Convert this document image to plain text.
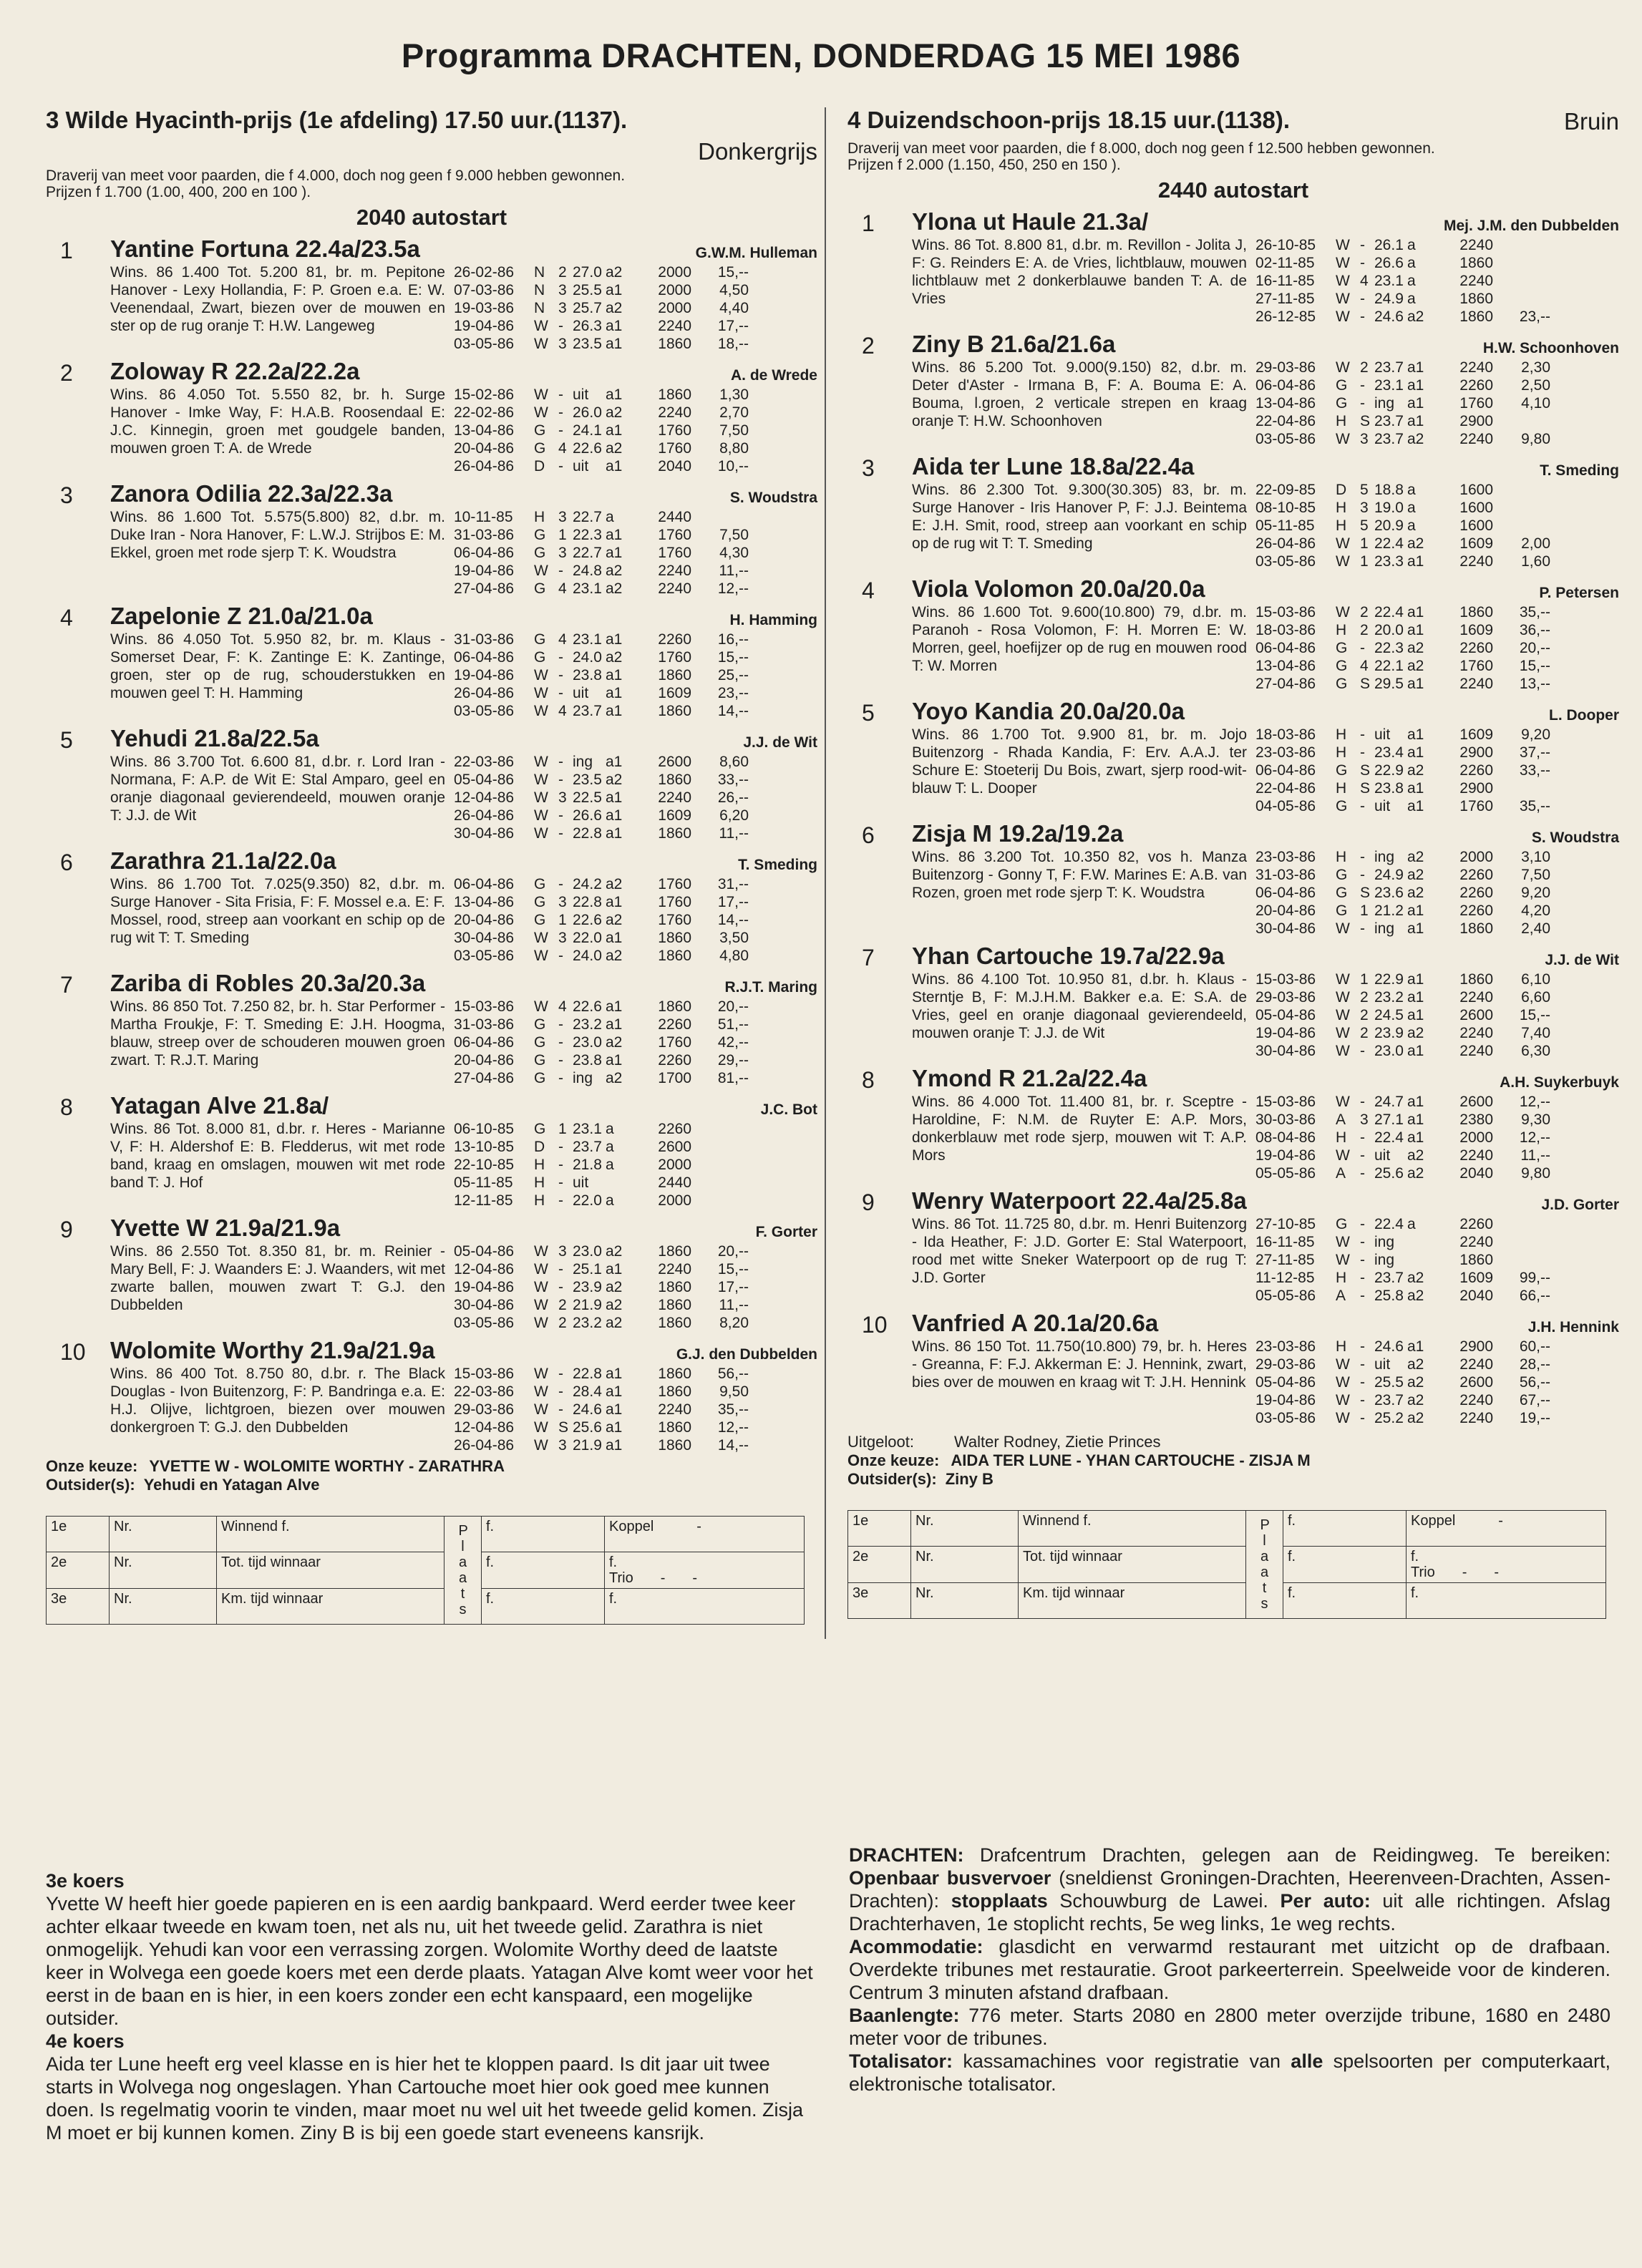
Programma DRACHTEN, DONDERDAG 15 MEI 1986
3 Wilde Hyacinth-prijs (1e afdeling) 17.50 uur.(1137).
Donkergrijs
Draverij van meet voor paarden, die f 4.000, doch nog geen f 9.000 hebben gewonnen.
Prijzen f 1.700 (1.00, 400, 200 en 100 ).
2040 autostart
1 Yantine Fortuna 22.4a/23.5a	G.W.M. Hulleman
Wins. 86 1.400 Tot. 5.200 81, br. m. Pepitone Hanover - Lexy Hollandia, F: P. Groen e.a. E: W. Veenendaal, Zwart, biezen over de mouwen en ster op de rug oranje T: H.W. Langeweg
26-02-86	N 2 27.0 a2	2000	15,--
07-03-86	N 3 25.5 a1	2000	4,50
19-03-86	N 3 25.7 a2	2000	4,40
19-04-86	W - 26.3 a1	2240	17,--
03-05-86	W 3 23.5 a1	1860	18,--
2 Zoloway R 22.2a/22.2a	A. de Wrede
Wins. 86 4.050 Tot. 5.550 82, br. h. Surge Hanover - Imke Way, F: H.A.B. Roosendaal E: J.C. Kinnegin, groen met goudgele banden, mouwen groen T: A. de Wrede
15-02-86	W - uit	a1	1860	1,30
22-02-86	W - 26.0 a2	2240	2,70
13-04-86	G - 24.1 a1	1760	7,50
20-04-86	G 4 22.6 a2	1760	8,80
26-04-86	D - uit	a1	2040	10,--
3 Zanora Odilia 22.3a/22.3a	S. Woudstra
Wins. 86 1.600 Tot. 5.575(5.800) 82, d.br. m. Duke Iran - Nora Hanover, F: L.W.J. Strijbos E: M. Ekkel, groen met rode sjerp T: K. Woudstra
10-11-85	H 3 22.7 a	2440
31-03-86	G 1 22.3 a1	1760	7,50
06-04-86	G 3 22.7 a1	1760	4,30
19-04-86	W - 24.8 a2	2240	11,--
27-04-86	G 4 23.1 a2	2240	12,--
4 Zapelonie Z 21.0a/21.0a	H. Hamming
Wins. 86 4.050 Tot. 5.950 82, br. m. Klaus - Somerset Dear, F: K. Zantinge E: K. Zantinge, groen, ster op de rug, schouderstukken en mouwen geel T: H. Hamming
31-03-86	G 4 23.1 a1	2260	16,--
06-04-86	G - 24.0 a2	1760	15,--
19-04-86	W - 23.8 a1	1860	25,--
26-04-86	W - uit	a1	1609	23,--
03-05-86	W 4 23.7 a1	1860	14,--
5 Yehudi 21.8a/22.5a	J.J. de Wit
Wins. 86 3.700 Tot. 6.600 81, d.br. r. Lord Iran - Normana, F: A.P. de Wit E: Stal Amparo, geel en oranje diagonaal gevierendeeld, mouwen oranje T: J.J. de Wit
22-03-86	W - ing a1	2600	8,60
05-04-86	W - 23.5 a2	1860	33,--
12-04-86	W 3 22.5 a1	2240	26,--
26-04-86	W - 26.6 a1	1609	6,20
30-04-86	W - 22.8 a1	1860	11,--
6 Zarathra 21.1a/22.0a	T. Smeding
Wins. 86 1.700 Tot. 7.025(9.350) 82, d.br. m. Surge Hanover - Sita Frisia, F: F. Mossel e.a. E: F. Mossel, rood, streep aan voorkant en schip op de rug wit T: T. Smeding
06-04-86	G - 24.2 a2	1760	31,--
13-04-86	G 3 22.8 a1	1760	17,--
20-04-86	G 1 22.6 a2	1760	14,--
30-04-86	W 3 22.0 a1	1860	3,50
03-05-86	W - 24.0 a2	1860	4,80
7 Zariba di Robles 20.3a/20.3a	R.J.T. Maring
Wins. 86 850 Tot. 7.250 82, br. h. Star Performer - Martha Froukje, F: T. Smeding E: J.H. Hoogma, blauw, streep over de schouderen mouwen groen zwart. T: R.J.T. Maring
15-03-86	W 4 22.6 a1	1860	20,--
31-03-86	G - 23.2 a1	2260	51,--
06-04-86	G - 23.0 a2	1760	42,--
20-04-86	G - 23.8 a1	2260	29,--
27-04-86	G - ing a2	1700	81,--
8 Yatagan Alve 21.8a/	J.C. Bot
Wins. 86 Tot. 8.000 81, d.br. r. Heres - Marianne V, F: H. Aldershof E: B. Fledderus, wit met rode band, kraag en omslagen, mouwen wit met rode band T: J. Hof
06-10-85	G 1 23.1 a	2260
13-10-85	D - 23.7 a	2600
22-10-85	H - 21.8 a	2000
05-11-85	H - uit	2440
12-11-85	H - 22.0 a	2000
9 Yvette W 21.9a/21.9a	F. Gorter
Wins. 86 2.550 Tot. 8.350 81, br. m. Reinier - Mary Bell, F: J. Waanders E: J. Waanders, wit met zwarte ballen, mouwen zwart T: G.J. den Dubbelden
05-04-86	W 3 23.0 a2	1860	20,--
12-04-86	W - 25.1 a1	2240	15,--
19-04-86	W - 23.9 a2	1860	17,--
30-04-86	W 2 21.9 a2	1860	11,--
03-05-86	W 2 23.2 a2	1860	8,20
10 Wolomite Worthy 21.9a/21.9a	G.J. den Dubbelden
Wins. 86 400 Tot. 8.750 80, d.br. r. The Black Douglas - Ivon Buitenzorg, F: P. Bandringa e.a. E: H.J. Olijve, lichtgroen, biezen over mouwen donkergroen T: G.J. den Dubbelden
15-03-86	W - 22.8 a1	1860	56,--
22-03-86	W - 28.4 a1	1860	9,50
29-03-86	W - 24.6 a1	2240	35,--
12-04-86	W S 25.6 a1	1860	12,--
26-04-86	W 3 21.9 a1	1860	14,--
Onze keuze: YVETTE W - WOLOMITE WORTHY - ZARATHRA
Outsider(s): Yehudi en Yatagan Alve
1e	Nr.	Winnend f.	Plaats	f.	Koppel -
2e	Nr.	Tot. tijd winnaar		f.	f.
Trio - -

3e	Nr.	Km. tijd winnaar		f.	f.
4 Duizendschoon-prijs 18.15 uur.(1138).	Bruin
Draverij van meet voor paarden, die f 8.000, doch nog geen f 12.500 hebben gewonnen.
Prijzen f 2.000 (1.150, 450, 250 en 150 ).
2440 autostart
1 Ylona ut Haule 21.3a/	Mej. J.M. den Dubbelden
Wins. 86 Tot. 8.800 81, d.br. m. Revillon - Jolita J, F: G. Reinders E: A. de Vries, lichtblauw, mouwen lichtblauw met 2 donkerblauwe banden T: A. de Vries
26-10-85	W - 26.1 a	2240
02-11-85	W - 26.6 a	1860
16-11-85	W 4 23.1 a	2240
27-11-85	W - 24.9 a	1860
26-12-85	W - 24.6 a2	1860	23,--
2 Ziny B 21.6a/21.6a	H.W. Schoonhoven
Wins. 86 5.200 Tot. 9.000(9.150) 82, d.br. m. Deter d'Aster - Irmana B, F: A. Bouma E: A. Bouma, l.groen, 2 verticale strepen en kraag oranje T: H.W. Schoonhoven
29-03-86	W 2 23.7 a1	2240	2,30
06-04-86	G - 23.1 a1	2260	2,50
13-04-86	G - ing a1	1760	4,10
22-04-86	H S 23.7 a1	2900
03-05-86	W 3 23.7 a2	2240	9,80
3 Aida ter Lune 18.8a/22.4a	T. Smeding
Wins. 86 2.300 Tot. 9.300(30.305) 83, br. m. Surge Hanover - Iris Hanover P, F: J.J. Beintema E: J.H. Smit, rood, streep aan voorkant en schip op de rug wit T: T. Smeding
22-09-85	D 5 18.8 a	1600
08-10-85	H 3 19.0 a	1600
05-11-85	H 5 20.9 a	1600
26-04-86	W 1 22.4 a2	1609	2,00
03-05-86	W 1 23.3 a1	2240	1,60
4 Viola Volomon 20.0a/20.0a	P. Petersen
Wins. 86 1.600 Tot. 9.600(10.800) 79, d.br. m. Paranoh - Rosa Volomon, F: H. Morren E: W. Morren, geel, hoefijzer op de rug en mouwen rood T: W. Morren
15-03-86	W 2 22.4 a1	1860	35,--
18-03-86	H 2 20.0 a1	1609	36,--
06-04-86	G - 22.3 a2	2260	20,--
13-04-86	G 4 22.1 a2	1760	15,--
27-04-86	G S 29.5 a1	2240	13,--
5 Yoyo Kandia 20.0a/20.0a	L. Dooper
Wins. 86 1.700 Tot. 9.900 81, br. m. Jojo Buitenzorg - Rhada Kandia, F: Erv. A.A.J. ter Schure E: Stoeterij Du Bois, zwart, sjerp rood-wit-blauw T: L. Dooper
18-03-86	H - uit	a1	1609	9,20
23-03-86	H - 23.4 a1	2900	37,--
06-04-86	G S 22.9 a2	2260	33,--
22-04-86	H S 23.8 a1	2900
04-05-86	G - uit	a1	1760	35,--
6 Zisja M 19.2a/19.2a	S. Woudstra
Wins. 86 3.200 Tot. 10.350 82, vos h. Manza Buitenzorg - Gonny T, F: F.W. Marines E: A.B. van Rozen, groen met rode sjerp T: K. Woudstra
23-03-86	H - ing a2	2000	3,10
31-03-86	G - 24.9 a2	2260	7,50
06-04-86	G S 23.6 a2	2260	9,20
20-04-86	G 1 21.2 a1	2260	4,20
30-04-86	W - ing a1	1860	2,40
7 Yhan Cartouche 19.7a/22.9a	J.J. de Wit
Wins. 86 4.100 Tot. 10.950 81, d.br. h. Klaus - Sterntje B, F: M.J.H.M. Bakker e.a. E: S.A. de Vries, geel en oranje diagonaal gevierendeeld, mouwen oranje T: J.J. de Wit
15-03-86	W 1 22.9 a1	1860	6,10
29-03-86	W 2 23.2 a1	2240	6,60
05-04-86	W 2 24.5 a1	2600	15,--
19-04-86	W 2 23.9 a2	2240	7,40
30-04-86	W - 23.0 a1	2240	6,30
8 Ymond R 21.2a/22.4a	A.H. Suykerbuyk
Wins. 86 4.000 Tot. 11.400 81, br. r. Sceptre - Haroldine, F: N.M. de Ruyter E: A.P. Mors, donkerblauw met rode sjerp, mouwen wit T: A.P. Mors
15-03-86	W - 24.7 a1	2600	12,--
30-03-86	A 3 27.1 a1	2380	9,30
08-04-86	H - 22.4 a1	2000	12,--
19-04-86	W - uit	a2	2240	11,--
05-05-86	A - 25.6 a2	2040	9,80
9 Wenry Waterpoort 22.4a/25.8a	J.D. Gorter
Wins. 86 Tot. 11.725 80, d.br. m. Henri Buitenzorg - Ida Heather, F: J.D. Gorter E: Stal Waterpoort, rood met witte Sneker Waterpoort op de rug T: J.D. Gorter
27-10-85	G - 22.4 a	2260
16-11-85	W - ing	2240
27-11-85	W - ing	1860
11-12-85	H - 23.7 a2	1609	99,--
05-05-86	A - 25.8 a2	2040	66,--
10 Vanfried A 20.1a/20.6a	J.H. Hennink
Wins. 86 150 Tot. 11.750(10.800) 79, br. h. Heres - Greanna, F: F.J. Akkerman E: J. Hennink, zwart, bies over de mouwen en kraag wit T: J.H. Hennink
23-03-86	H - 24.6 a1	2900	60,--
29-03-86	W - uit	a2	2240	28,--
05-04-86	W - 25.5 a2	2600	56,--
19-04-86	W - 23.7 a2	2240	67,--
03-05-86	W - 25.2 a2	2240	19,--
Uitgeloot:	Walter Rodney, Zietie Princes
Onze keuze: AIDA TER LUNE - YHAN CARTOUCHE - ZISJA M
Outsider(s): Ziny B
1e	Nr.	Winnend f.	Plaats	f.	Koppel -
2e	Nr.	Tot. tijd winnaar		f.	f.
Trio - -

3e	Nr.	Km. tijd winnaar		f.	f.
3e koers

Yvette W heeft hier goede papieren en is een aardig bankpaard. Werd eerder twee keer achter elkaar tweede en kwam toen, net als nu, uit het tweede gelid. Zarathra is niet onmogelijk. Yehudi kan voor een verrassing zorgen. Wolomite Worthy deed de laatste keer in Wolvega een goede koers met een derde plaats. Yatagan Alve komt weer voor het eerst in de baan en is hier, in een koers zonder een echt kanspaard, een mogelijke outsider.

4e koers

Aida ter Lune heeft erg veel klasse en is hier het te kloppen paard. Is dit jaar uit twee starts in Wolvega nog ongeslagen. Yhan Cartouche moet hier ook goed mee kunnen doen. Is regelmatig voorin te vinden, maar moet nu wel uit het tweede gelid komen. Zisja M moet er bij kunnen komen. Ziny B is bij een goede start eveneens kansrijk.

DRACHTEN: Drafcentrum Drachten, gelegen aan de Reidingweg. Te bereiken: Openbaar busvervoer (sneldienst Groningen-Drachten, Heerenveen-Drachten, Assen-Drachten): stopplaats Schouwburg de Lawei. Per auto: uit alle richtingen. Afslag Drachterhaven, 1e stoplicht rechts, 5e weg links, 1e weg rechts.
Acommodatie: glasdicht en verwarmd restaurant met uitzicht op de drafbaan. Overdekte tribunes met restauratie. Groot parkeerterrein. Speelweide voor de kinderen. Centrum 3 minuten afstand drafbaan.
Baanlengte: 776 meter. Starts 2080 en 2800 meter overzijde tribune, 1680 en 2480 meter voor de tribunes.
Totalisator: kassamachines voor registratie van alle spelsoorten per computerkaart, elektronische totalisator.
